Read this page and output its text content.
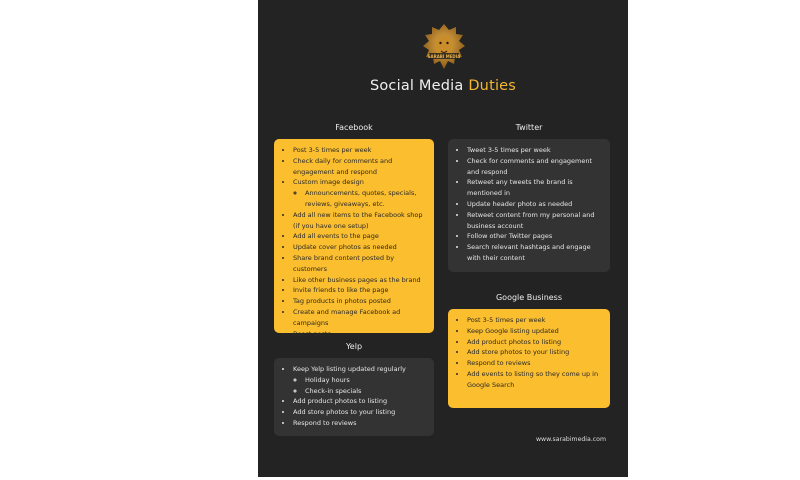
SARABI MEDIA
Social Media Duties
Facebook
• Post 3-5 times per week
• Check daily for comments and engagement and respond
• Custom image design
◦ Announcements, quotes, specials, reviews, giveaways, etc.
• Add all new items to the Facebook shop (if you have one setup)
• Add all events to the page
• Update cover photos as needed
• Share brand content posted by customers
• Like other business pages as the brand
• Invite friends to like the page
• Tag products in photos posted
• Create and manage Facebook ad campaigns
• Boost posts
Yelp
• Keep Yelp listing updated regularly
◦ Holiday hours
◦ Check-in specials
• Add product photos to listing
• Add store photos to your listing
• Respond to reviews
Twitter
• Tweet 3-5 times per week
• Check for comments and engagement and respond
• Retweet any tweets the brand is mentioned in
• Update header photo as needed
• Retweet content from my personal and business account
• Follow other Twitter pages
• Search relevant hashtags and engage with their content
Google Business
• Post 3-5 times per week
• Keep Google listing updated
• Add product photos to listing
• Add store photos to your listing
• Respond to reviews
• Add events to listing so they come up in Google Search
www.sarabimedia.com
